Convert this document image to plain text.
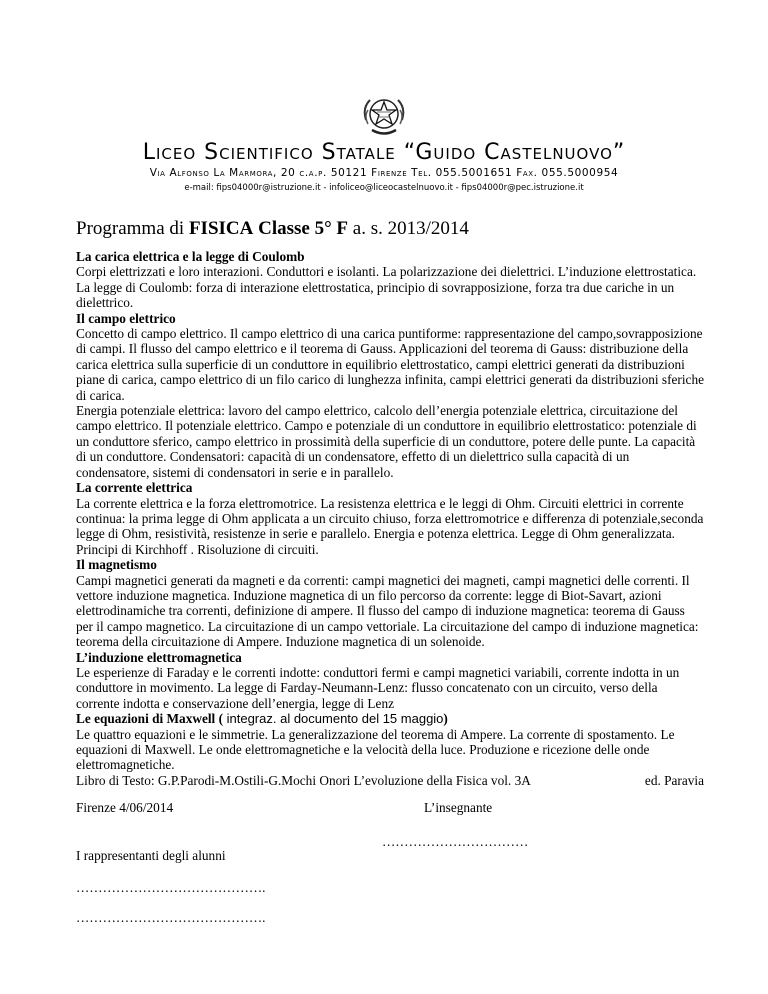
Liceo Scientifico Statale “Guido Castelnuovo”
Via Alfonso La Marmora, 20 c.a.p. 50121 Firenze Tel. 055.5001651 Fax. 055.5000954
e-mail: fips04000r@istruzione.it - infoliceo@liceocastelnuovo.it - fips04000r@pec.istruzione.it
Programma di FISICA Classe 5° F a. s. 2013/2014

La carica elettrica e la legge di Coulomb

Corpi elettrizzati e loro interazioni. Conduttori e isolanti. La polarizzazione dei dielettrici. L’induzione elettrostatica. La legge di Coulomb: forza di interazione elettrostatica, principio di sovrapposizione, forza tra due cariche in un dielettrico.

Il campo elettrico

Concetto di campo elettrico. Il campo elettrico di una carica puntiforme: rappresentazione del campo,sovrapposizione di campi. Il flusso del campo elettrico e il teorema di Gauss. Applicazioni del teorema di Gauss: distribuzione della carica elettrica sulla superficie di un conduttore in equilibrio elettrostatico, campi elettrici generati da distribuzioni piane di carica, campo elettrico di un filo carico di lunghezza infinita, campi elettrici generati da distribuzioni sferiche di carica.

Energia potenziale elettrica: lavoro del campo elettrico, calcolo dell’energia potenziale elettrica, circuitazione del campo elettrico. Il potenziale elettrico. Campo e potenziale di un conduttore in equilibrio elettrostatico: potenziale di un conduttore sferico, campo elettrico in prossimità della superficie di un conduttore, potere delle punte. La capacità di un conduttore. Condensatori: capacità di un condensatore, effetto di un dielettrico sulla capacità di un condensatore, sistemi di condensatori in serie e in parallelo.

La corrente elettrica

La corrente elettrica e la forza elettromotrice. La resistenza elettrica e le leggi di Ohm. Circuiti elettrici in corrente continua: la prima legge di Ohm applicata a un circuito chiuso, forza elettromotrice e differenza di potenziale,seconda legge di Ohm, resistività, resistenze in serie e parallelo. Energia e potenza elettrica. Legge di Ohm generalizzata. Principi di Kirchhoff . Risoluzione di circuiti.

Il magnetismo

Campi magnetici generati da magneti e da correnti: campi magnetici dei magneti, campi magnetici delle correnti. Il vettore induzione magnetica. Induzione magnetica di un filo percorso da corrente: legge di Biot-Savart, azioni elettrodinamiche tra correnti, definizione di ampere. Il flusso del campo di induzione magnetica: teorema di Gauss per il campo magnetico. La circuitazione di un campo vettoriale. La circuitazione del campo di induzione magnetica: teorema della circuitazione di Ampere. Induzione magnetica di un solenoide.

L’induzione elettromagnetica

Le esperienze di Faraday e le correnti indotte: conduttori fermi e campi magnetici variabili, corrente indotta in un conduttore in movimento. La legge di Farday-Neumann-Lenz: flusso concatenato con un circuito, verso della corrente indotta e conservazione dell’energia, legge di Lenz

Le equazioni di Maxwell ( integraz. al documento del 15 maggio)

Le quattro equazioni e le simmetrie. La generalizzazione del teorema di Ampere. La corrente di spostamento. Le equazioni di Maxwell. Le onde elettromagnetiche e la velocità della luce. Produzione e ricezione delle onde elettromagnetiche.

Libro di Testo: G.P.Parodi-M.Ostili-G.Mochi Onori L’evoluzione della Fisica vol. 3A	ed. Paravia

Firenze 4/06/2014	L’insegnante
……………………………
I rappresentanti degli alunni
…………………………………….
…………………………………….
